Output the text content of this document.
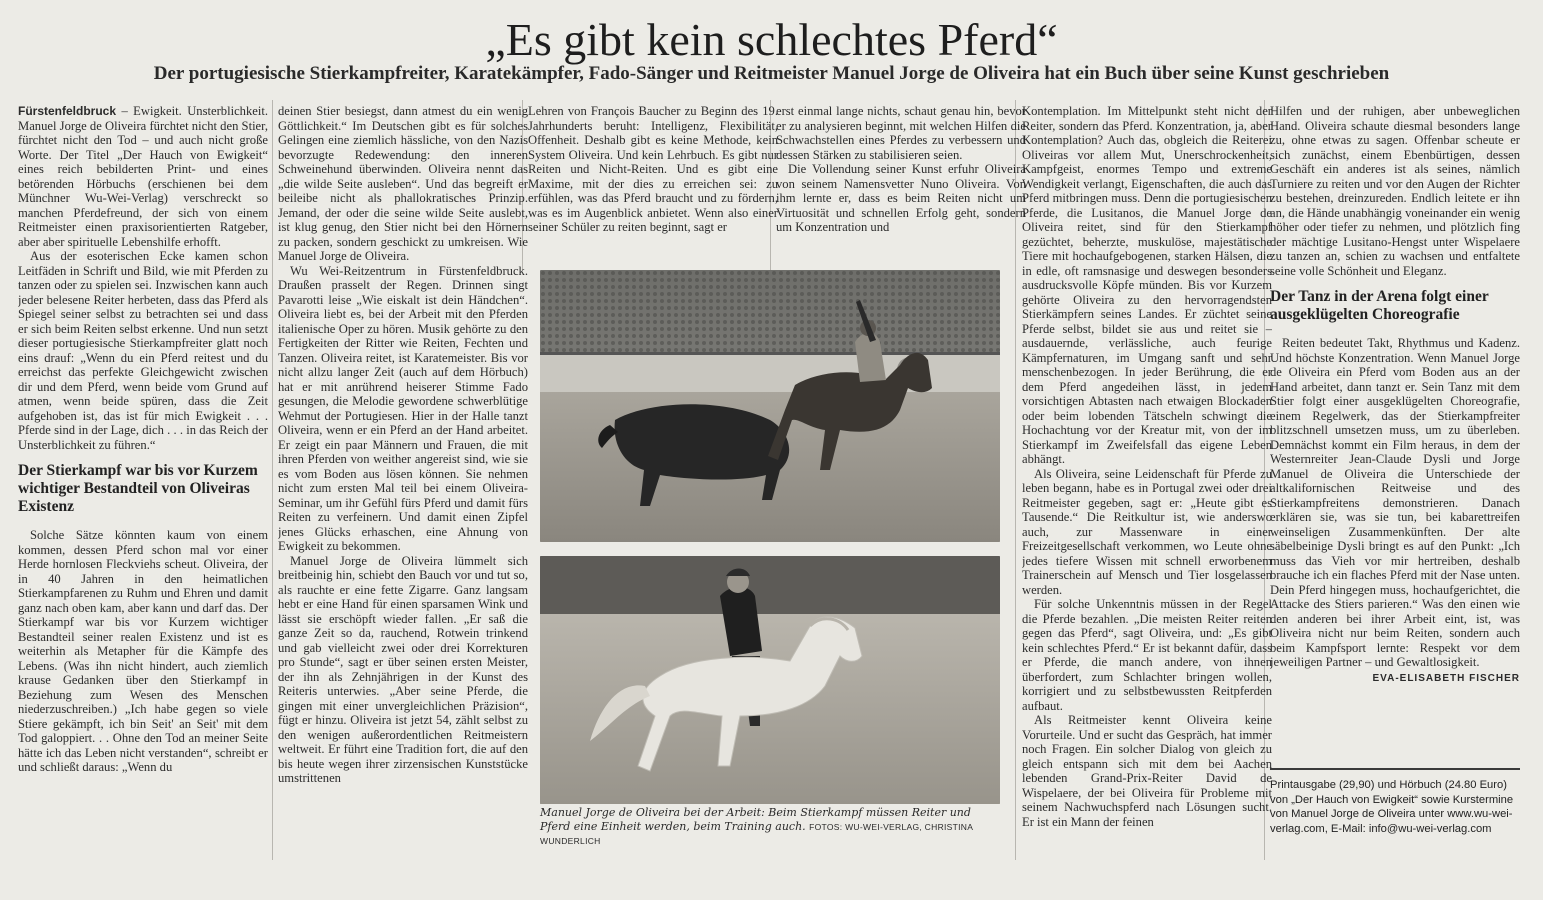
„Es gibt kein schlechtes Pferd“
Der portugiesische Stierkampfreiter, Karatekämpfer, Fado-Sänger und Reitmeister Manuel Jorge de Oliveira hat ein Buch über seine Kunst geschrieben

Fürstenfeldbruck – Ewigkeit. Unsterblichkeit. Manuel Jorge de Oliveira fürchtet nicht den Stier, fürchtet nicht den Tod – und auch nicht große Worte. Der Titel „Der Hauch von Ewigkeit“ eines reich bebilderten Print- und eines betörenden Hörbuchs (erschienen bei dem Münchner Wu-Wei-Verlag) verschreckt so manchen Pferdefreund, der sich von einem Reitmeister einen praxisorientierten Ratgeber, aber aber spirituelle Lebenshilfe erhofft.

Aus der esoterischen Ecke kamen schon Leitfäden in Schrift und Bild, wie mit Pferden zu tanzen oder zu spielen sei. Inzwischen kann auch jeder belesene Reiter herbeten, dass das Pferd als Spiegel seiner selbst zu betrachten sei und dass er sich beim Reiten selbst erkenne. Und nun setzt dieser portugiesische Stierkampfreiter glatt noch eins drauf: „Wenn du ein Pferd reitest und du erreichst das perfekte Gleichgewicht zwischen dir und dem Pferd, wenn beide vom Grund auf atmen, wenn beide spüren, dass die Zeit aufgehoben ist, das ist für mich Ewigkeit . . . Pferde sind in der Lage, dich . . . in das Reich der Unsterblichkeit zu führen.“

Der Stierkampf war bis vor Kurzem wichtiger Bestandteil von Oliveiras Existenz

Solche Sätze könnten kaum von einem kommen, dessen Pferd schon mal vor einer Herde hornlosen Fleckviehs scheut. Oliveira, der in 40 Jahren in den heimatlichen Stierkampfarenen zu Ruhm und Ehren und damit ganz nach oben kam, aber kann und darf das. Der Stierkampf war bis vor Kurzem wichtiger Bestandteil seiner realen Existenz und ist es weiterhin als Metapher für die Kämpfe des Lebens. (Was ihn nicht hindert, auch ziemlich krause Gedanken über den Stierkampf in Beziehung zum Wesen des Menschen niederzuschreiben.) „Ich habe gegen so viele Stiere gekämpft, ich bin Seit' an Seit' mit dem Tod galoppiert. . . Ohne den Tod an meiner Seite hätte ich das Leben nicht verstanden“, schreibt er und schließt daraus: „Wenn du

deinen Stier besiegst, dann atmest du ein wenig Göttlichkeit.“ Im Deutschen gibt es für solches Gelingen eine ziemlich hässliche, von den Nazis bevorzugte Redewendung: den inneren Schweinehund überwinden. Oliveira nennt das „die wilde Seite ausleben“. Und das begreift er beileibe nicht als phallokratisches Prinzip. Jemand, der oder die seine wilde Seite auslebt, ist klug genug, den Stier nicht bei den Hörnern zu packen, sondern geschickt zu umkreisen. Wie Manuel Jorge de Oliveira.

Wu Wei-Reitzentrum in Fürstenfeldbruck. Draußen prasselt der Regen. Drinnen singt Pavarotti leise „Wie eiskalt ist dein Händchen“. Oliveira liebt es, bei der Arbeit mit den Pferden italienische Oper zu hören. Musik gehörte zu den Fertigkeiten der Ritter wie Reiten, Fechten und Tanzen. Oliveira reitet, ist Karatemeister. Bis vor nicht allzu langer Zeit (auch auf dem Hörbuch) hat er mit anrührend heiserer Stimme Fado gesungen, die Melodie gewordene schwerblütige Wehmut der Portugiesen. Hier in der Halle tanzt Oliveira, wenn er ein Pferd an der Hand arbeitet. Er zeigt ein paar Männern und Frauen, die mit ihren Pferden von weither angereist sind, wie sie es vom Boden aus lösen können. Sie nehmen nicht zum ersten Mal teil bei einem Oliveira-Seminar, um ihr Gefühl fürs Pferd und damit fürs Reiten zu verfeinern. Und damit einen Zipfel jenes Glücks erhaschen, eine Ahnung von Ewigkeit zu bekommen.

Manuel Jorge de Oliveira lümmelt sich breitbeinig hin, schiebt den Bauch vor und tut so, als rauchte er eine fette Zigarre. Ganz langsam hebt er eine Hand für einen sparsamen Wink und lässt sie erschöpft wieder fallen. „Er saß die ganze Zeit so da, rauchend, Rotwein trinkend und gab vielleicht zwei oder drei Korrekturen pro Stunde“, sagt er über seinen ersten Meister, der ihn als Zehnjährigen in der Kunst des Reiteris unterwies. „Aber seine Pferde, die gingen mit einer unvergleichlichen Präzision“, fügt er hinzu. Oliveira ist jetzt 54, zählt selbst zu den wenigen außerordentlichen Reitmeistern weltweit. Er führt eine Tradition fort, die auf den bis heute wegen ihrer zirzensischen Kunststücke umstrittenen

Lehren von François Baucher zu Beginn des 19. Jahrhunderts beruht: Intelligenz, Flexibilität, Offenheit. Deshalb gibt es keine Methode, kein System Oliveira. Und kein Lehrbuch. Es gibt nur Reiten und Nicht-Reiten. Und es gibt eine Maxime, mit der dies zu erreichen sei: zu erfühlen, was das Pferd braucht und zu fördern, was es im Augenblick anbietet. Wenn also einer seiner Schüler zu reiten beginnt, sagt er

erst einmal lange nichts, schaut genau hin, bevor er zu analysieren beginnt, mit welchen Hilfen die Schwachstellen eines Pferdes zu verbessern und dessen Stärken zu stabilisieren seien.

Die Vollendung seiner Kunst erfuhr Oliveira von seinem Namensvetter Nuno Oliveira. Von ihm lernte er, dass es beim Reiten nicht um Virtuosität und schnellen Erfolg geht, sondern um Konzentration und

Manuel Jorge de Oliveira bei der Arbeit: Beim Stierkampf müssen Reiter und Pferd eine Einheit werden, beim Training auch. FOTOS: WU-WEI-VERLAG, CHRISTINA WUNDERLICH

Kontemplation. Im Mittelpunkt steht nicht der Reiter, sondern das Pferd. Konzentration, ja, aber Kontemplation? Auch das, obgleich die Reiterei Oliveiras vor allem Mut, Unerschrockenheit, Kampfgeist, enormes Tempo und extreme Wendigkeit verlangt, Eigenschaften, die auch das Pferd mitbringen muss. Denn die portugiesischen Pferde, die Lusitanos, die Manuel Jorge de Oliveira reitet, sind für den Stierkampf gezüchtet, beherzte, muskulöse, majestätische Tiere mit hochaufgebogenen, starken Hälsen, die in edle, oft ramsnasige und deswegen besonders ausdrucksvolle Köpfe münden. Bis vor Kurzem gehörte Oliveira zu den hervorragendsten Stierkämpfern seines Landes. Er züchtet seine Pferde selbst, bildet sie aus und reitet sie – ausdauernde, verlässliche, auch feurige Kämpfernaturen, im Umgang sanft und sehr menschenbezogen. In jeder Berührung, die er dem Pferd angedeihen lässt, in jedem vorsichtigen Abtasten nach etwaigen Blockaden oder beim lobenden Tätscheln schwingt die Hochachtung vor der Kreatur mit, von der im Stierkampf im Zweifelsfall das eigene Leben abhängt.

Als Oliveira, seine Leidenschaft für Pferde zu leben begann, habe es in Portugal zwei oder drei Reitmeister gegeben, sagt er: „Heute gibt es Tausende.“ Die Reitkultur ist, wie anderswo auch, zur Massenware in einer Freizeitgesellschaft verkommen, wo Leute ohne jedes tiefere Wissen mit schnell erworbenem Trainerschein auf Mensch und Tier losgelassen werden.

Für solche Unkenntnis müssen in der Regel die Pferde bezahlen. „Die meisten Reiter reiten gegen das Pferd“, sagt Oliveira, und: „Es gibt kein schlechtes Pferd.“ Er ist bekannt dafür, dass er Pferde, die manch andere, von ihnen überfordert, zum Schlachter bringen wollen, korrigiert und zu selbstbewussten Reitpferden aufbaut.

Als Reitmeister kennt Oliveira keine Vorurteile. Und er sucht das Gespräch, hat immer noch Fragen. Ein solcher Dialog von gleich zu gleich entspann sich mit dem bei Aachen lebenden Grand-Prix-Reiter David de Wispelaere, der bei Oliveira für Probleme mit seinem Nachwuchspferd nach Lösungen sucht. Er ist ein Mann der feinen

Hilfen und der ruhigen, aber unbeweglichen Hand. Oliveira schaute diesmal besonders lange zu, ohne etwas zu sagen. Offenbar scheute er sich zunächst, einem Ebenbürtigen, dessen Geschäft ein anderes ist als seines, nämlich Turniere zu reiten und vor den Augen der Richter zu bestehen, dreinzureden. Endlich leitete er ihn an, die Hände unabhängig voneinander ein wenig höher oder tiefer zu nehmen, und plötzlich fing der mächtige Lusitano-Hengst unter Wispelaere zu tanzen an, schien zu wachsen und entfaltete seine volle Schönheit und Eleganz.

Der Tanz in der Arena folgt einer ausgeklügelten Choreografie

Reiten bedeutet Takt, Rhythmus und Kadenz. Und höchste Konzentration. Wenn Manuel Jorge de Oliveira ein Pferd vom Boden aus an der Hand arbeitet, dann tanzt er. Sein Tanz mit dem Stier folgt einer ausgeklügelten Choreografie, einem Regelwerk, das der Stierkampfreiter blitzschnell umsetzen muss, um zu überleben. Demnächst kommt ein Film heraus, in dem der Westernreiter Jean-Claude Dysli und Jorge Manuel de Oliveira die Unterschiede der altkalifornischen Reitweise und des Stierkampfreitens demonstrieren. Danach erklären sie, was sie tun, bei kabarettreifen weinseligen Zusammenkünften. Der alte säbelbeinige Dysli bringt es auf den Punkt: „Ich muss das Vieh vor mir hertreiben, deshalb brauche ich ein flaches Pferd mit der Nase unten. Dein Pferd hingegen muss, hochaufgerichtet, die Attacke des Stiers parieren.“ Was den einen wie den anderen bei ihrer Arbeit eint, ist, was Oliveira nicht nur beim Reiten, sondern auch beim Kampfsport lernte: Respekt vor dem jeweiligen Partner – und Gewaltlosigkeit.

EVA-ELISABETH FISCHER
Printausgabe (29,90) und Hörbuch (24.80 Euro) von „Der Hauch von Ewigkeit“ sowie Kurstermine von Manuel Jorge de Oliveira unter www.wu-wei-verlag.com, E-Mail: info@wu-wei-verlag.com
